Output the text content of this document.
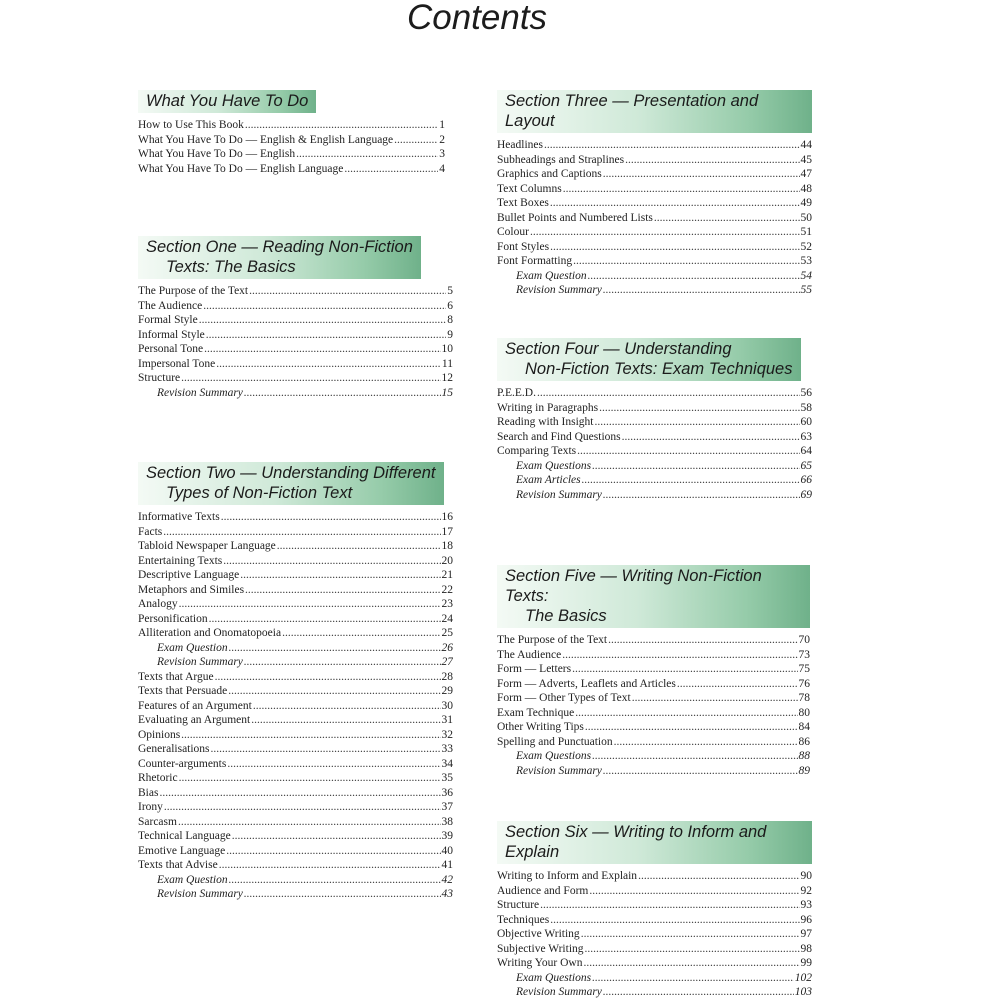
Contents
What You Have To Do
How to Use This Book .....	1
What You Have To Do — English & English Language .....	2
What You Have To Do — English .....	3
What You Have To Do — English Language .....	4
Section One — Reading Non-Fiction
Texts: The Basics
The Purpose of the Text .....	5
The Audience .....	6
Formal Style .....	8
Informal Style .....	9
Personal Tone .....	10
Impersonal Tone .....	11
Structure .....	12
Revision Summary .....	15
Section Two — Understanding Different
Types of Non-Fiction Text
Informative Texts .....	16
Facts .....	17
Tabloid Newspaper Language .....	18
Entertaining Texts .....	20
Descriptive Language .....	21
Metaphors and Similes .....	22
Analogy .....	23
Personification .....	24
Alliteration and Onomatopoeia .....	25
Exam Question .....	26
Revision Summary .....	27
Texts that Argue .....	28
Texts that Persuade .....	29
Features of an Argument .....	30
Evaluating an Argument .....	31
Opinions .....	32
Generalisations .....	33
Counter-arguments .....	34
Rhetoric .....	35
Bias .....	36
Irony .....	37
Sarcasm .....	38
Technical Language .....	39
Emotive Language .....	40
Texts that Advise .....	41
Exam Question .....	42
Revision Summary .....	43
Section Three — Presentation and Layout
Headlines .....	44
Subheadings and Straplines .....	45
Graphics and Captions .....	47
Text Columns .....	48
Text Boxes .....	49
Bullet Points and Numbered Lists .....	50
Colour .....	51
Font Styles .....	52
Font Formatting .....	53
Exam Question .....	54
Revision Summary .....	55
Section Four — Understanding
Non-Fiction Texts: Exam Techniques
P.E.E.D. .....	56
Writing in Paragraphs .....	58
Reading with Insight .....	60
Search and Find Questions .....	63
Comparing Texts .....	64
Exam Questions .....	65
Exam Articles .....	66
Revision Summary .....	69
Section Five — Writing Non-Fiction Texts:
The Basics
The Purpose of the Text .....	70
The Audience .....	73
Form — Letters .....	75
Form — Adverts, Leaflets and Articles .....	76
Form — Other Types of Text .....	78
Exam Technique .....	80
Other Writing Tips .....	84
Spelling and Punctuation .....	86
Exam Questions .....	88
Revision Summary .....	89
Section Six — Writing to Inform and Explain
Writing to Inform and Explain .....	90
Audience and Form .....	92
Structure .....	93
Techniques .....	96
Objective Writing .....	97
Subjective Writing .....	98
Writing Your Own .....	99
Exam Questions .....	102
Revision Summary .....	103
